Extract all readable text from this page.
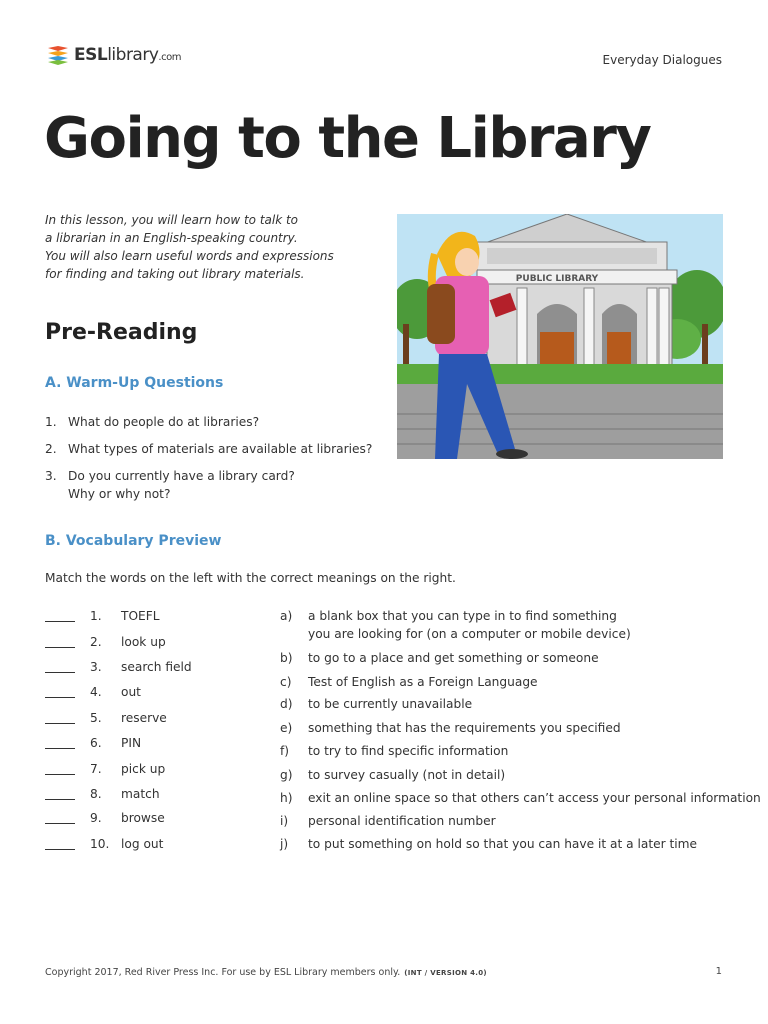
ESLlibrary.com	Everyday Dialogues
Going to the Library
In this lesson, you will learn how to talk to
a librarian in an English-speaking country.
You will also learn useful words and expressions
for finding and taking out library materials.	PUBLIC LIBRARY
Pre-Reading
A. Warm-Up Questions
1. What do people do at libraries?
2. What types of materials are available at libraries?
3. Do you currently have a library card?
Why or why not?
B. Vocabulary Preview
Match the words on the left with the correct meanings on the right.
1. TOEFL
2. look up
3. search field
4. out
5. reserve
6. PIN
7. pick up
8. match
9. browse
10. log out
a) a blank box that you can type in to find something
you are looking for (on a computer or mobile device)
b) to go to a place and get something or someone
c) Test of English as a Foreign Language
d) to be currently unavailable
e) something that has the requirements you specified
f) to try to find specific information
g) to survey casually (not in detail)
h) exit an online space so that others can’t access your personal information
i) personal identification number
j) to put something on hold so that you can have it at a later time
Copyright 2017, Red River Press Inc. For use by ESL Library members only. (INT / VERSION 4.0)	1
